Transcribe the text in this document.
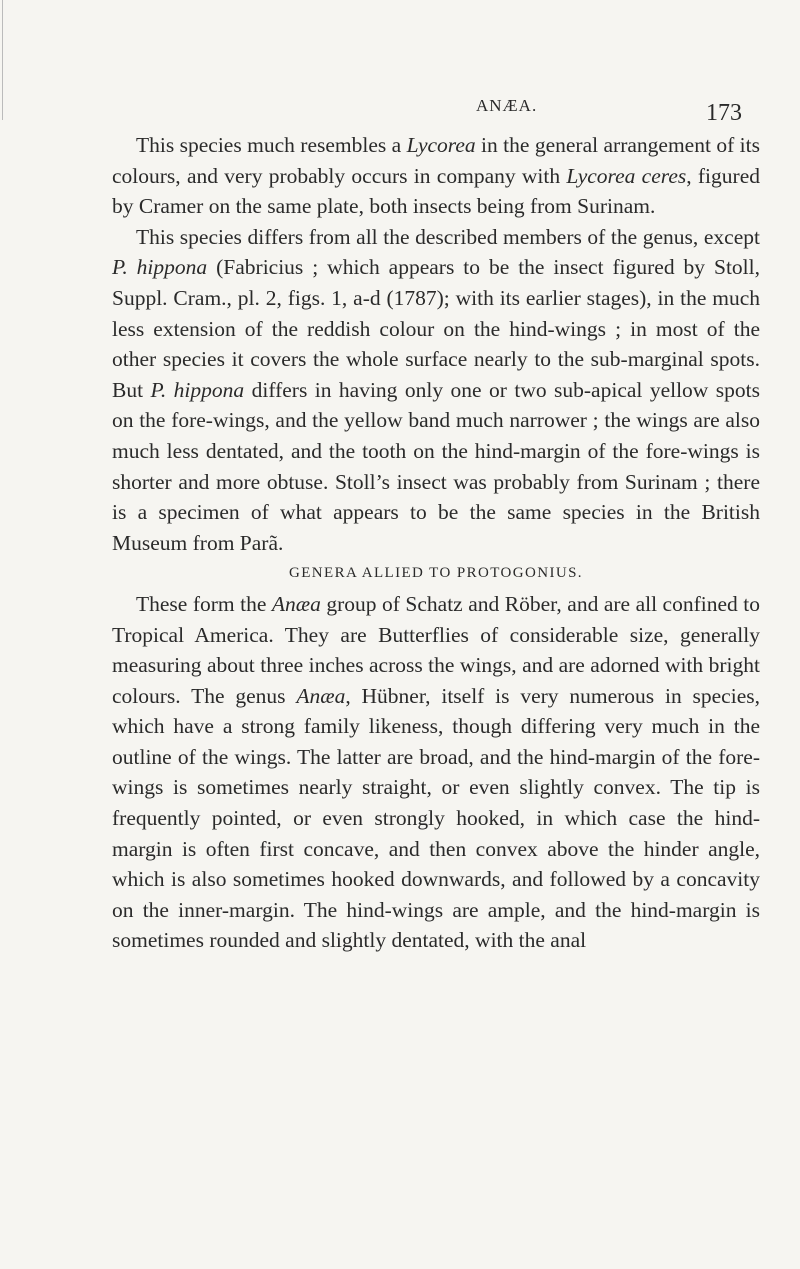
ANÆA.	173

This species much resembles a Lycorea in the general arrangement of its colours, and very probably occurs in company with Lycorea ceres, figured by Cramer on the same plate, both insects being from Surinam.

This species differs from all the described members of the genus, except P. hippona (Fabricius ; which appears to be the insect figured by Stoll, Suppl. Cram., pl. 2, figs. 1, a-d (1787); with its earlier stages), in the much less extension of the reddish colour on the hind-wings ; in most of the other species it covers the whole surface nearly to the sub-marginal spots. But P. hippona differs in having only one or two sub-apical yellow spots on the fore-wings, and the yellow band much narrower ; the wings are also much less dentated, and the tooth on the hind-margin of the fore-wings is shorter and more obtuse. Stoll’s insect was probably from Surinam ; there is a specimen of what appears to be the same species in the British Museum from Parã.

GENERA ALLIED TO PROTOGONIUS.

These form the Anæa group of Schatz and Röber, and are all confined to Tropical America. They are Butterflies of considerable size, generally measuring about three inches across the wings, and are adorned with bright colours. The genus Anæa, Hübner, itself is very numerous in species, which have a strong family likeness, though differing very much in the outline of the wings. The latter are broad, and the hind-margin of the fore-wings is sometimes nearly straight, or even slightly convex. The tip is frequently pointed, or even strongly hooked, in which case the hind-margin is often first concave, and then convex above the hinder angle, which is also sometimes hooked downwards, and followed by a concavity on the inner-margin. The hind-wings are ample, and the hind-margin is sometimes rounded and slightly dentated, with the anal
